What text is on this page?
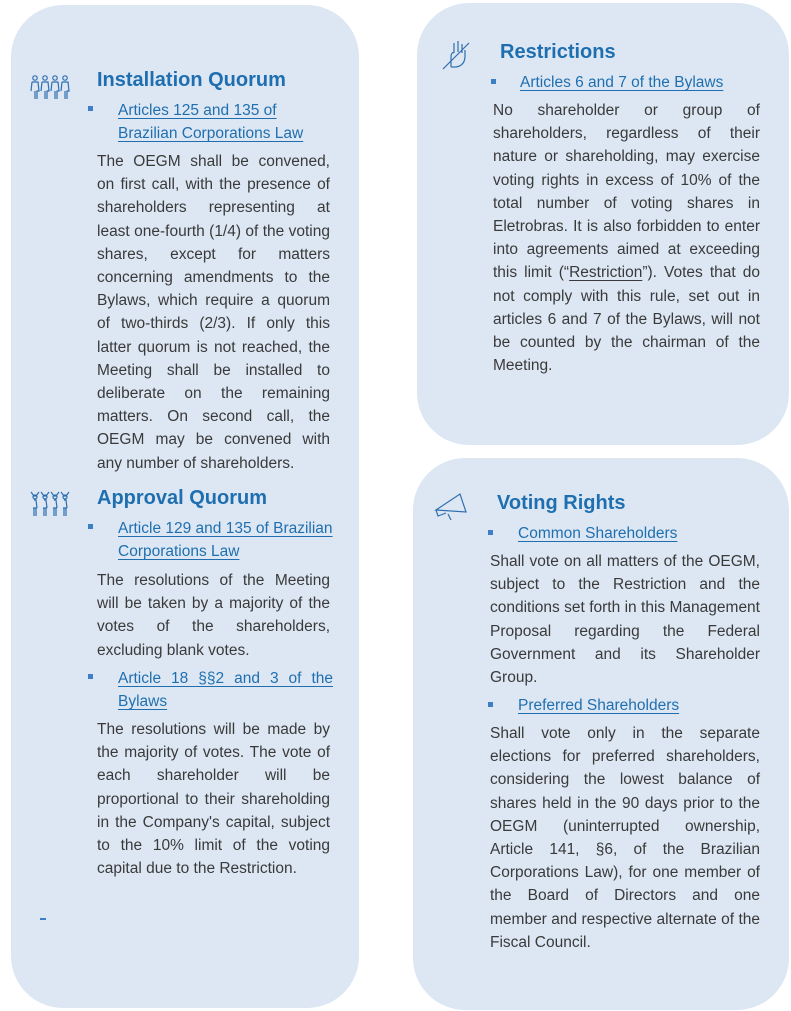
Installation Quorum
Articles 125 and 135 of Brazilian Corporations Law

The OEGM shall be convened, on first call, with the presence of shareholders representing at least one-fourth (1/4) of the voting shares, except for matters concerning amendments to the Bylaws, which require a quorum of two-thirds (2/3). If only this latter quorum is not reached, the Meeting shall be installed to deliberate on the remaining matters. On second call, the OEGM may be convened with any number of shareholders.

Approval Quorum
Article 129 and 135 of Brazilian Corporations Law

The resolutions of the Meeting will be taken by a majority of the votes of the shareholders, excluding blank votes.

Article 18 §§2 and 3 of the Bylaws

The resolutions will be made by the majority of votes. The vote of each shareholder will be proportional to their shareholding in the Company's capital, subject to the 10% limit of the voting capital due to the Restriction.

Restrictions
Articles 6 and 7 of the Bylaws

No shareholder or group of shareholders, regardless of their nature or shareholding, may exercise voting rights in excess of 10% of the total number of voting shares in Eletrobras. It is also forbidden to enter into agreements aimed at exceeding this limit (“Restriction”). Votes that do not comply with this rule, set out in articles 6 and 7 of the Bylaws, will not be counted by the chairman of the Meeting.

Voting Rights
Common Shareholders

Shall vote on all matters of the OEGM, subject to the Restriction and the conditions set forth in this Management Proposal regarding the Federal Government and its Shareholder Group.

Preferred Shareholders

Shall vote only in the separate elections for preferred shareholders, considering the lowest balance of shares held in the 90 days prior to the OEGM (uninterrupted ownership, Article 141, §6, of the Brazilian Corporations Law), for one member of the Board of Directors and one member and respective alternate of the Fiscal Council.
